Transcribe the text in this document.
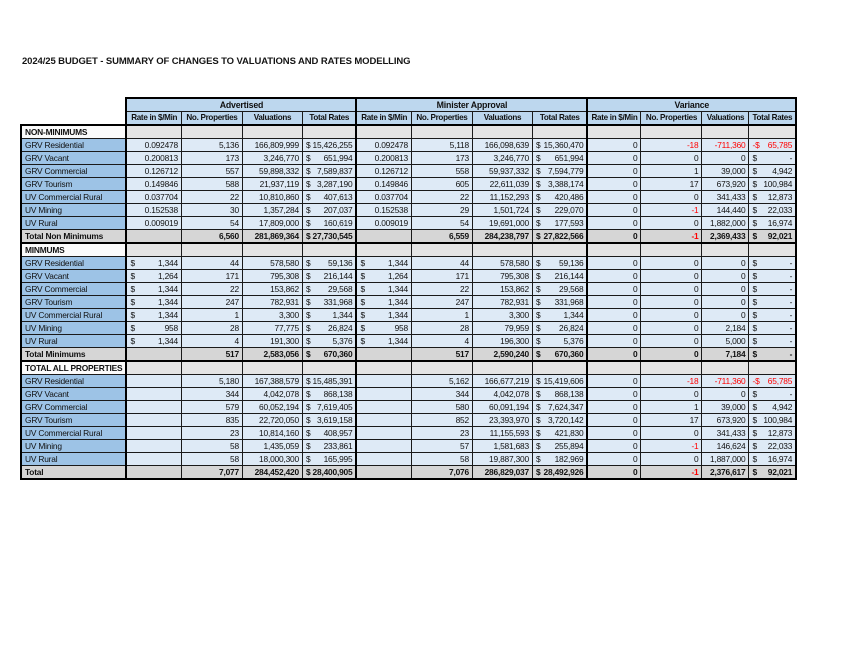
2024/25 BUDGET - SUMMARY OF CHANGES TO VALUATIONS AND RATES MODELLING
	Advertised				Minister Approval				Variance			
	Rate in $/Min	No. Properties	Valuations	Total Rates	Rate in $/Min	No. Properties	Valuations	Total Rates	Rate in $/Min	No. Properties	Valuations	Total Rates
NON-MINIMUMS												
GRV Residential	0.092478	5,136	166,809,999	$ 15,426,255	0.092478	5,118	166,098,639	$ 15,360,470	0	-18	-711,360	-$ 65,785

GRV Vacant	0.200813	173	3,246,770	$ 651,994	0.200813	173	3,246,770	$ 651,994	0	0	0	$ -

GRV Commercial	0.126712	557	59,898,332	$ 7,589,837	0.126712	558	59,937,332	$ 7,594,779	0	1	39,000	$ 4,942

GRV Tourism	0.149846	588	21,937,119	$ 3,287,190	0.149846	605	22,611,039	$ 3,388,174	0	17	673,920	$ 100,984

UV Commercial Rural	0.037704	22	10,810,860	$ 407,613	0.037704	22	11,152,293	$ 420,486	0	0	341,433	$ 12,873

UV Mining	0.152538	30	1,357,284	$ 207,037	0.152538	29	1,501,724	$ 229,070	0	-1	144,440	$ 22,033

UV Rural	0.009019	54	17,809,000	$ 160,619	0.009019	54	19,691,000	$ 177,593	0	0	1,882,000	$ 16,974

Total Non Minimums		6,560	281,869,364	$ 27,730,545		6,559	284,238,797	$ 27,822,566	0	-1	2,369,433	$ 92,021

MINMUMS												
GRV Residential	$ 1,344	44	578,580	$ 59,136	$ 1,344	44	578,580	$ 59,136	0	0	0	$ -

GRV Vacant	$ 1,264	171	795,308	$ 216,144	$ 1,264	171	795,308	$ 216,144	0	0	0	$ -

GRV Commercial	$ 1,344	22	153,862	$ 29,568	$ 1,344	22	153,862	$ 29,568	0	0	0	$ -

GRV Tourism	$ 1,344	247	782,931	$ 331,968	$ 1,344	247	782,931	$ 331,968	0	0	0	$ -

UV Commercial Rural	$ 1,344	1	3,300	$ 1,344	$ 1,344	1	3,300	$ 1,344	0	0	0	$ -

UV Mining	$ 958	28	77,775	$ 26,824	$ 958	28	79,959	$ 26,824	0	0	2,184	$ -

UV Rural	$ 1,344	4	191,300	$ 5,376	$ 1,344	4	196,300	$ 5,376	0	0	5,000	$ -

Total Minimums		517	2,583,056	$ 670,360		517	2,590,240	$ 670,360	0	0	7,184	$ -

TOTAL ALL PROPERTIES												
GRV Residential		5,180	167,388,579	$ 15,485,391		5,162	166,677,219	$ 15,419,606	0	-18	-711,360	-$ 65,785

GRV Vacant		344	4,042,078	$ 868,138		344	4,042,078	$ 868,138	0	0	0	$ -

GRV Commercial		579	60,052,194	$ 7,619,405		580	60,091,194	$ 7,624,347	0	1	39,000	$ 4,942

GRV Tourism		835	22,720,050	$ 3,619,158		852	23,393,970	$ 3,720,142	0	17	673,920	$ 100,984

UV Commercial Rural		23	10,814,160	$ 408,957		23	11,155,593	$ 421,830	0	0	341,433	$ 12,873

UV Mining		58	1,435,059	$ 233,861		57	1,581,683	$ 255,894	0	-1	146,624	$ 22,033

UV Rural		58	18,000,300	$ 165,995		58	19,887,300	$ 182,969	0	0	1,887,000	$ 16,974

Total		7,077	284,452,420	$ 28,400,905		7,076	286,829,037	$ 28,492,926	0	-1	2,376,617	$ 92,021
